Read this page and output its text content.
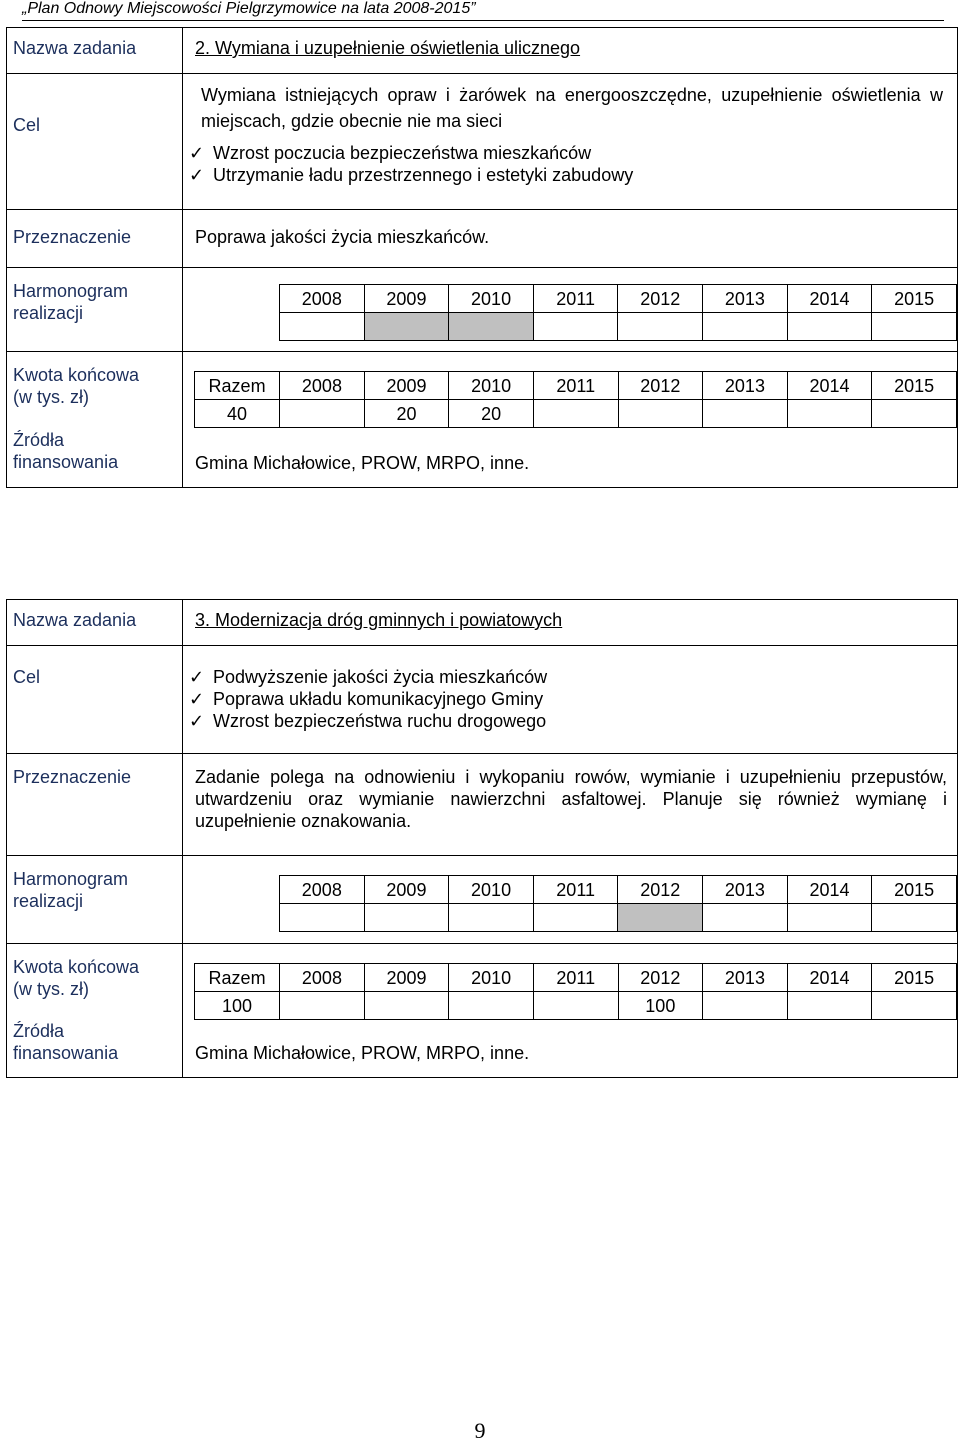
„Plan Odnowy Miejscowości Pielgrzymowice na lata 2008-2015”
Nazwa zadania	2. Wymiana i uzupełnienie oświetlenia ulicznego

Cel

Wymiana istniejących opraw i żarówek na energooszczędne, uzupełnienie oświetlenia w miejscach, gdzie obecnie nie ma sieci
✓ Wzrost poczucia bezpieczeństwa mieszkańców
✓ Utrzymanie ładu przestrzennego i estetyki zabudowy

Przeznaczenie	Poprawa jakości życia mieszkańców.

Harmonogram
realizacji

2008	2009	2010	2011	2012	2013	2014	2015

Kwota końcowa
(w tys. zł)
Źródła
finansowania

Razem	2008	2009	2010	2011	2012	2013	2014	2015
40		20	20					
Gmina Michałowice, PROW, MRPO, inne.
Nazwa zadania	3. Modernizacja dróg gminnych i powiatowych

Cel	✓ Podwyższenie jakości życia mieszkańców
✓ Poprawa układu komunikacyjnego Gminy
✓ Wzrost bezpieczeństwa ruchu drogowego

Przeznaczenie	Zadanie polega na odnowieniu i wykopaniu rowów, wymianie i uzupełnieniu przepustów, utwardzeniu oraz wymianie nawierzchni asfaltowej. Planuje się również wymianę i uzupełnienie oznakowania.

Harmonogram
realizacji

2008	2009	2010	2011	2012	2013	2014	2015

Kwota końcowa
(w tys. zł)
Źródła
finansowania

Razem	2008	2009	2010	2011	2012	2013	2014	2015
100					100			
Gmina Michałowice, PROW, MRPO, inne.
9
